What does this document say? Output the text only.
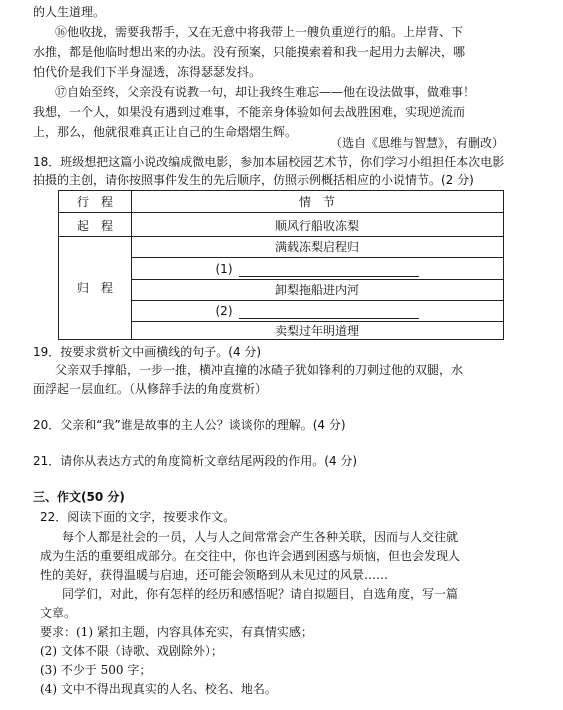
的人生道理。
⑯他收拢，需要我帮手，又在无意中将我带上一艘负重逆行的船。上岸背、下
水推，都是他临时想出来的办法。没有预案，只能摸索着和我一起用力去解决，哪
怕代价是我们下半身湿透，冻得瑟瑟发抖。
⑰自始至终，父亲没有说教一句，却让我终生难忘——他在设法做事，做难事！
我想，一个人，如果没有遇到过难事，不能亲身体验如何去战胜困难，实现逆流而
上，那么，他就很难真正让自己的生命熠熠生辉。
（选自《思维与智慧》，有删改）
18．班级想把这篇小说改编成微电影，参加本届校园艺术节，你们学习小组担任本次电影
拍摄的主创，请你按照事件发生的先后顺序，仿照示例概括相应的小说情节。(2 分)
行　程	情　节
起　程	顺风行船收冻梨
归　程
满载冻梨启程归
(1)
卸梨拖船进内河
(2)
卖梨过年明道理
19．按要求赏析文中画横线的句子。(4 分)
父亲双手撑船，一步一推，横冲直撞的冰碴子犹如锋利的刀刺过他的双腿，水
面浮起一层血红。（从修辞手法的角度赏析）
20．父亲和“我”谁是故事的主人公？谈谈你的理解。(4 分)
21．请你从表达方式的角度简析文章结尾两段的作用。(4 分)
三、作文(50 分)
22．阅读下面的文字，按要求作文。
每个人都是社会的一员，人与人之间常常会产生各种关联，因而与人交往就
成为生活的重要组成部分。在交往中，你也许会遇到困惑与烦恼，但也会发现人
性的美好，获得温暖与启迪，还可能会领略到从未见过的风景……
同学们，对此，你有怎样的经历和感悟呢？请自拟题目，自选角度，写一篇
文章。
要求：(1) 紧扣主题，内容具体充实，有真情实感；
(2) 文体不限（诗歌、戏剧除外）；
(3) 不少于 500 字；
(4) 文中不得出现真实的人名、校名、地名。
